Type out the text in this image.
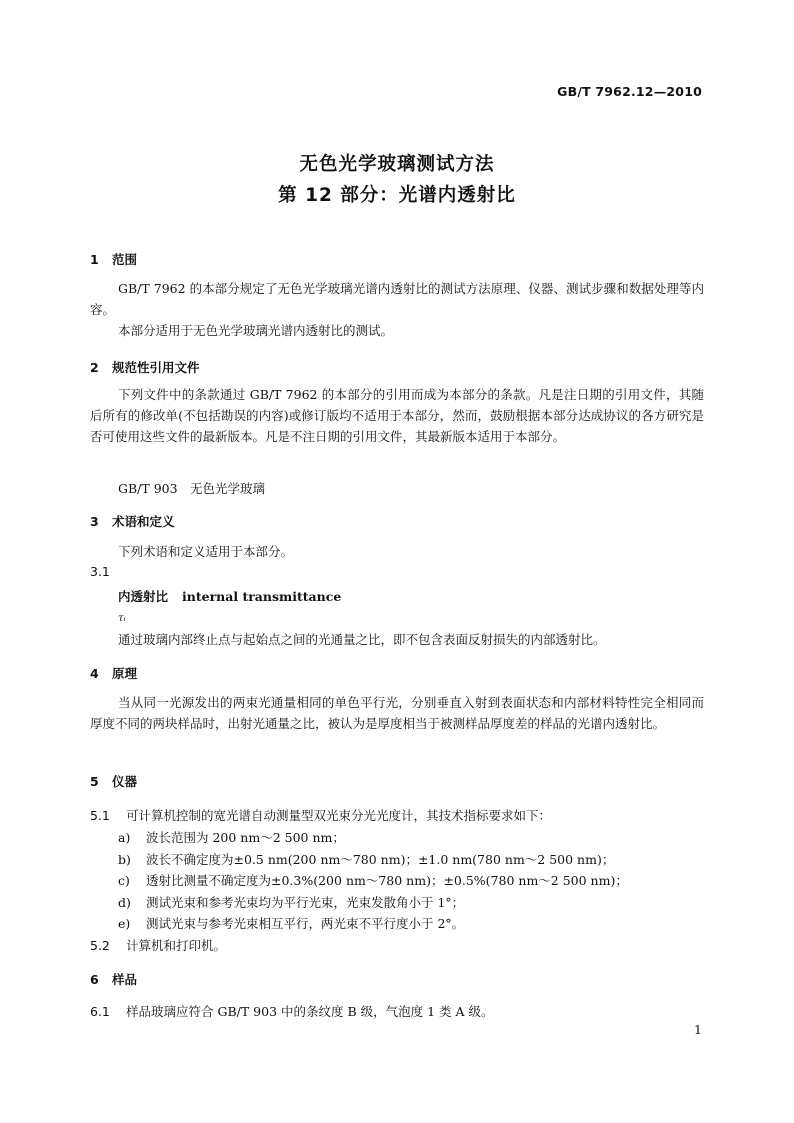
GB/T 7962.12—2010
无色光学玻璃测试方法
第 12 部分：光谱内透射比
1 范围

GB/T 7962 的本部分规定了无色光学玻璃光谱内透射比的测试方法原理、仪器、测试步骤和数据处理等内容。

本部分适用于无色光学玻璃光谱内透射比的测试。

2 规范性引用文件

下列文件中的条款通过 GB/T 7962 的本部分的引用而成为本部分的条款。凡是注日期的引用文件，其随后所有的修改单(不包括勘误的内容)或修订版均不适用于本部分，然而，鼓励根据本部分达成协议的各方研究是否可使用这些文件的最新版本。凡是不注日期的引用文件，其最新版本适用于本部分。

GB/T 903　无色光学玻璃
3 术语和定义
下列术语和定义适用于本部分。
3.1
内透射比 internal transmittance
τᵢ
通过玻璃内部终止点与起始点之间的光通量之比，即不包含表面反射损失的内部透射比。
4 原理

当从同一光源发出的两束光通量相同的单色平行光，分别垂直入射到表面状态和内部材料特性完全相同而厚度不同的两块样品时，出射光通量之比，被认为是厚度相当于被测样品厚度差的样品的光谱内透射比。

5 仪器
5.1 可计算机控制的宽光谱自动测量型双光束分光光度计，其技术指标要求如下：
a) 波长范围为 200 nm～2 500 nm；
b) 波长不确定度为±0.5 nm(200 nm～780 nm)；±1.0 nm(780 nm～2 500 nm)；
c) 透射比测量不确定度为±0.3%(200 nm～780 nm)；±0.5%(780 nm～2 500 nm)；
d) 测试光束和参考光束均为平行光束，光束发散角小于 1°；
e) 测试光束与参考光束相互平行，两光束不平行度小于 2°。
5.2 计算机和打印机。
6 样品
6.1 样品玻璃应符合 GB/T 903 中的条纹度 B 级，气泡度 1 类 A 级。
1
